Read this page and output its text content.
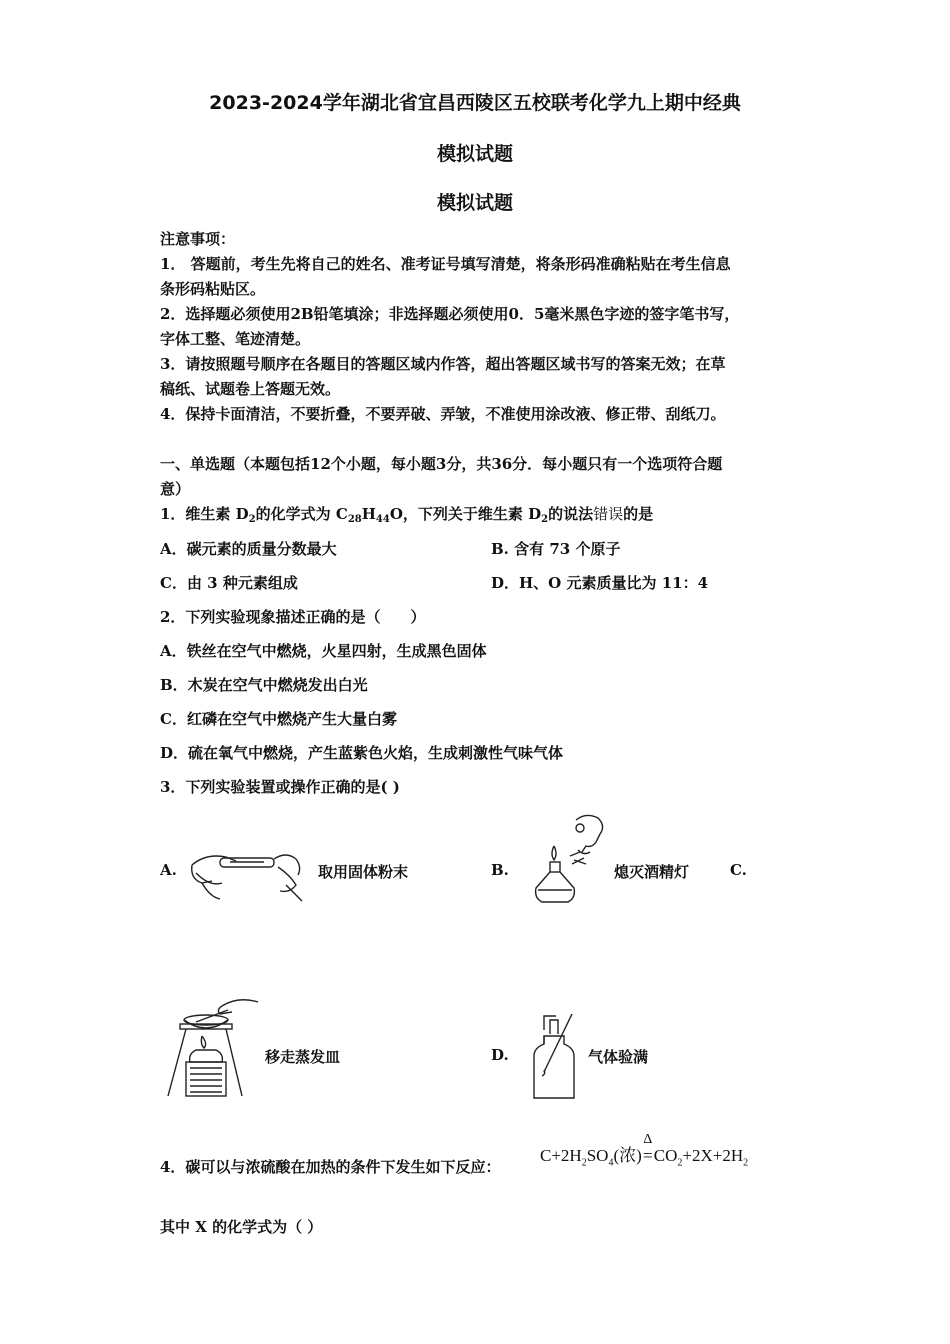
2023-2024学年湖北省宜昌西陵区五校联考化学九上期中经典
模拟试题
模拟试题
注意事项：
1． 答题前，考生先将自己的姓名、准考证号填写清楚，将条形码准确粘贴在考生信息
条形码粘贴区。
2．选择题必须使用2B铅笔填涂；非选择题必须使用0．5毫米黑色字迹的签字笔书写，
字体工整、笔迹清楚。
3．请按照题号顺序在各题目的答题区域内作答，超出答题区域书写的答案无效；在草
稿纸、试题卷上答题无效。
4．保持卡面清洁，不要折叠，不要弄破、弄皱，不准使用涂改液、修正带、刮纸刀。
一、单选题（本题包括12个小题，每小题3分，共36分．每小题只有一个选项符合题
意）
1．维生素 $D_2$的化学式为 $C_{28}H_{44}O$，下列关于维生素 $D_2$的说法错误的是
A．碳元素的质量分数最大	B. 含有 73 个原子
C．由 3 种元素组成	D．H、O 元素质量比为 11：4
2．下列实验现象描述正确的是（　　）
A．铁丝在空气中燃烧，火星四射，生成黑色固体
B．木炭在空气中燃烧发出白光
C．红磷在空气中燃烧产生大量白雾
D．硫在氧气中燃烧，产生蓝紫色火焰，生成刺激性气味气体
3．下列实验装置或操作正确的是( )
A.	取用固体粉末	B.	熄灭酒精灯	C.
移走蒸发皿	D.	气体验满
4．碳可以与浓硫酸在加热的条件下发生如下反应：
$C+2H_2SO_4$(浓)
Δ
$=CO_2+2X+2H_2$
其中 X 的化学式为（ ）
